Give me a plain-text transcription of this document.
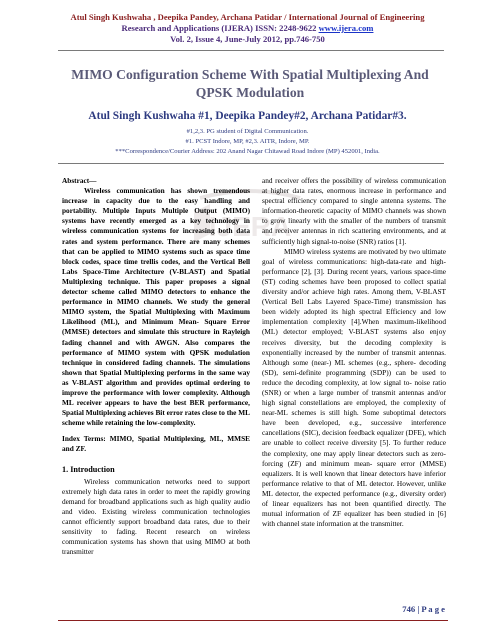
Atul Singh Kushwaha , Deepika Pandey, Archana Patidar / International Journal of Engineering
Research and Applications (IJERA) ISSN: 2248-9622 www.ijera.com
Vol. 2, Issue 4, June-July 2012, pp.746-750
MIMO Configuration Scheme With Spatial Multiplexing And QPSK Modulation
Atul Singh Kushwaha #1, Deepika Pandey#2, Archana Patidar#3.
#1,2,3. PG student of Digital Communication.
#1. PCST Indore, MP, #2,3. AITR, Indore, MP.
***Correspondence/Courier Address: 202 Anand Nagar Chitawad Road Indore (MP) 452001, India.
IJERA

Abstract—

Wireless communication has shown tremendous increase in capacity due to the easy handling and portability. Multiple Inputs Multiple Output (MIMO) systems have recently emerged as a key technology in wireless communication systems for increasing both data rates and system performance. There are many schemes that can be applied to MIMO systems such as space time block codes, space time trellis codes, and the Vertical Bell Labs Space-Time Architecture (V-BLAST) and Spatial Multiplexing technique. This paper proposes a signal detector scheme called MIMO detectors to enhance the performance in MIMO channels. We study the general MIMO system, the Spatial Multiplexing with Maximum Likelihood (ML), and Minimum Mean- Square Error (MMSE) detectors and simulate this structure in Rayleigh fading channel and with AWGN. Also compares the performance of MIMO system with QPSK modulation technique in considered fading channels. The simulations shown that Spatial Multiplexing performs in the same way as V-BLAST algorithm and provides optimal ordering to improve the performance with lower complexity. Although ML receiver appears to have the best BER performance, Spatial Multiplexing achieves Bit error rates close to the ML scheme while retaining the low-complexity.

Index Terms: MIMO, Spatial Multiplexing, ML, MMSE and ZF.

1. Introduction

Wireless communication networks need to support extremely high data rates in order to meet the rapidly growing demand for broadband applications such as high quality audio and video. Existing wireless communication technologies cannot efficiently support broadband data rates, due to their sensitivity to fading. Recent research on wireless communication systems has shown that using MIMO at both transmitter

and receiver offers the possibility of wireless communication at higher data rates, enormous increase in performance and spectral efficiency compared to single antenna systems. The information-theoretic capacity of MIMO channels was shown to grow linearly with the smaller of the numbers of transmit and receiver antennas in rich scattering environments, and at sufficiently high signal-to-noise (SNR) ratios [1].

MIMO wireless systems are motivated by two ultimate goal of wireless communications: high-data-rate and high-performance [2], [3]. During recent years, various space-time (ST) coding schemes have been proposed to collect spatial diversity and/or achieve high rates. Among them, V-BLAST (Vertical Bell Labs Layered Space-Time) transmission has been widely adopted its high spectral Efficiency and low implementation complexity [4].When maximum-likelihood (ML) detector employed; V-BLAST systems also enjoy receives diversity, but the decoding complexity is exponentially increased by the number of transmit antennas. Although some (near-) ML schemes (e.g., sphere- decoding (SD), semi-definite programming (SDP)) can be used to reduce the decoding complexity, at low signal to- noise ratio (SNR) or when a large number of transmit antennas and/or high signal constellations are employed, the complexity of near-ML schemes is still high. Some suboptimal detectors have been developed, e.g., successive interference cancellations (SIC), decision feedback equalizer (DFE), which are unable to collect receive diversity [5]. To further reduce the complexity, one may apply linear detectors such as zero-forcing (ZF) and minimum mean- square error (MMSE) equalizers. It is well known that linear detectors have inferior performance relative to that of ML detector. However, unlike ML detector, the expected performance (e.g., diversity order) of linear equalizers has not been quantified directly. The mutual information of ZF equalizer has been studied in [6] with channel state information at the transmitter.

746 | P a g e
